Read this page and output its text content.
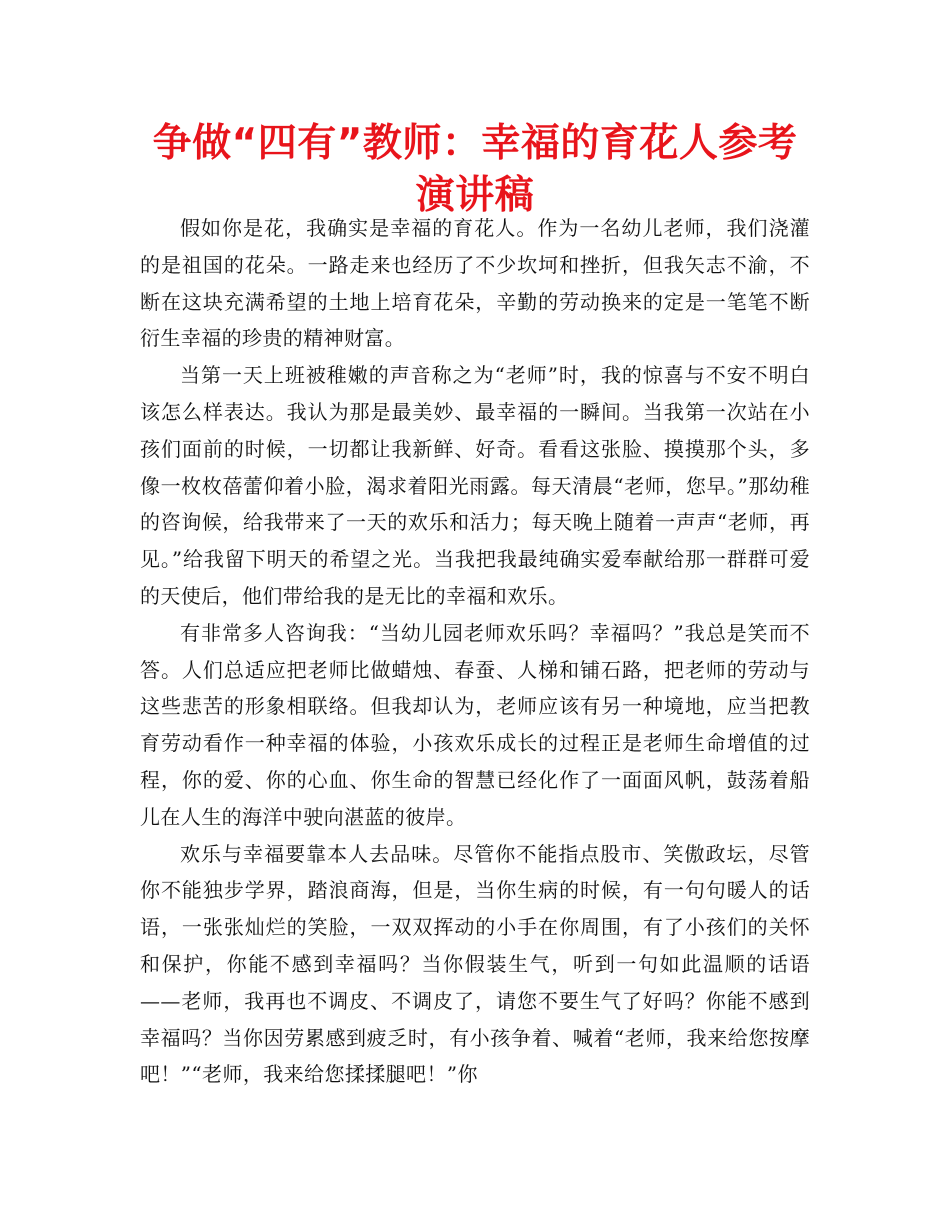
争做“四有”教师：幸福的育花人参考演讲稿

假如你是花，我确实是幸福的育花人。作为一名幼儿老师，我们浇灌的是祖国的花朵。一路走来也经历了不少坎坷和挫折，但我矢志不渝，不断在这块充满希望的土地上培育花朵，辛勤的劳动换来的定是一笔笔不断衍生幸福的珍贵的精神财富。

当第一天上班被稚嫩的声音称之为“老师”时，我的惊喜与不安不明白该怎么样表达。我认为那是最美妙、最幸福的一瞬间。当我第一次站在小孩们面前的时候，一切都让我新鲜、好奇。看看这张脸、摸摸那个头，多像一枚枚蓓蕾仰着小脸，渴求着阳光雨露。每天清晨“老师，您早。”那幼稚的咨询候，给我带来了一天的欢乐和活力；每天晚上随着一声声“老师，再见。”给我留下明天的希望之光。当我把我最纯确实爱奉献给那一群群可爱的天使后，他们带给我的是无比的幸福和欢乐。

有非常多人咨询我：“当幼儿园老师欢乐吗？幸福吗？”我总是笑而不答。人们总适应把老师比做蜡烛、春蚕、人梯和铺石路，把老师的劳动与这些悲苦的形象相联络。但我却认为，老师应该有另一种境地，应当把教育劳动看作一种幸福的体验，小孩欢乐成长的过程正是老师生命增值的过程，你的爱、你的心血、你生命的智慧已经化作了一面面风帆，鼓荡着船儿在人生的海洋中驶向湛蓝的彼岸。

欢乐与幸福要靠本人去品味。尽管你不能指点股市、笑傲政坛，尽管你不能独步学界，踏浪商海，但是，当你生病的时候，有一句句暖人的话语，一张张灿烂的笑脸，一双双挥动的小手在你周围，有了小孩们的关怀和保护，你能不感到幸福吗？当你假装生气，听到一句如此温顺的话语——老师，我再也不调皮、不调皮了，请您不要生气了好吗？你能不感到幸福吗？当你因劳累感到疲乏时，有小孩争着、喊着“老师，我来给您按摩吧！”“老师，我来给您揉揉腿吧！”你
